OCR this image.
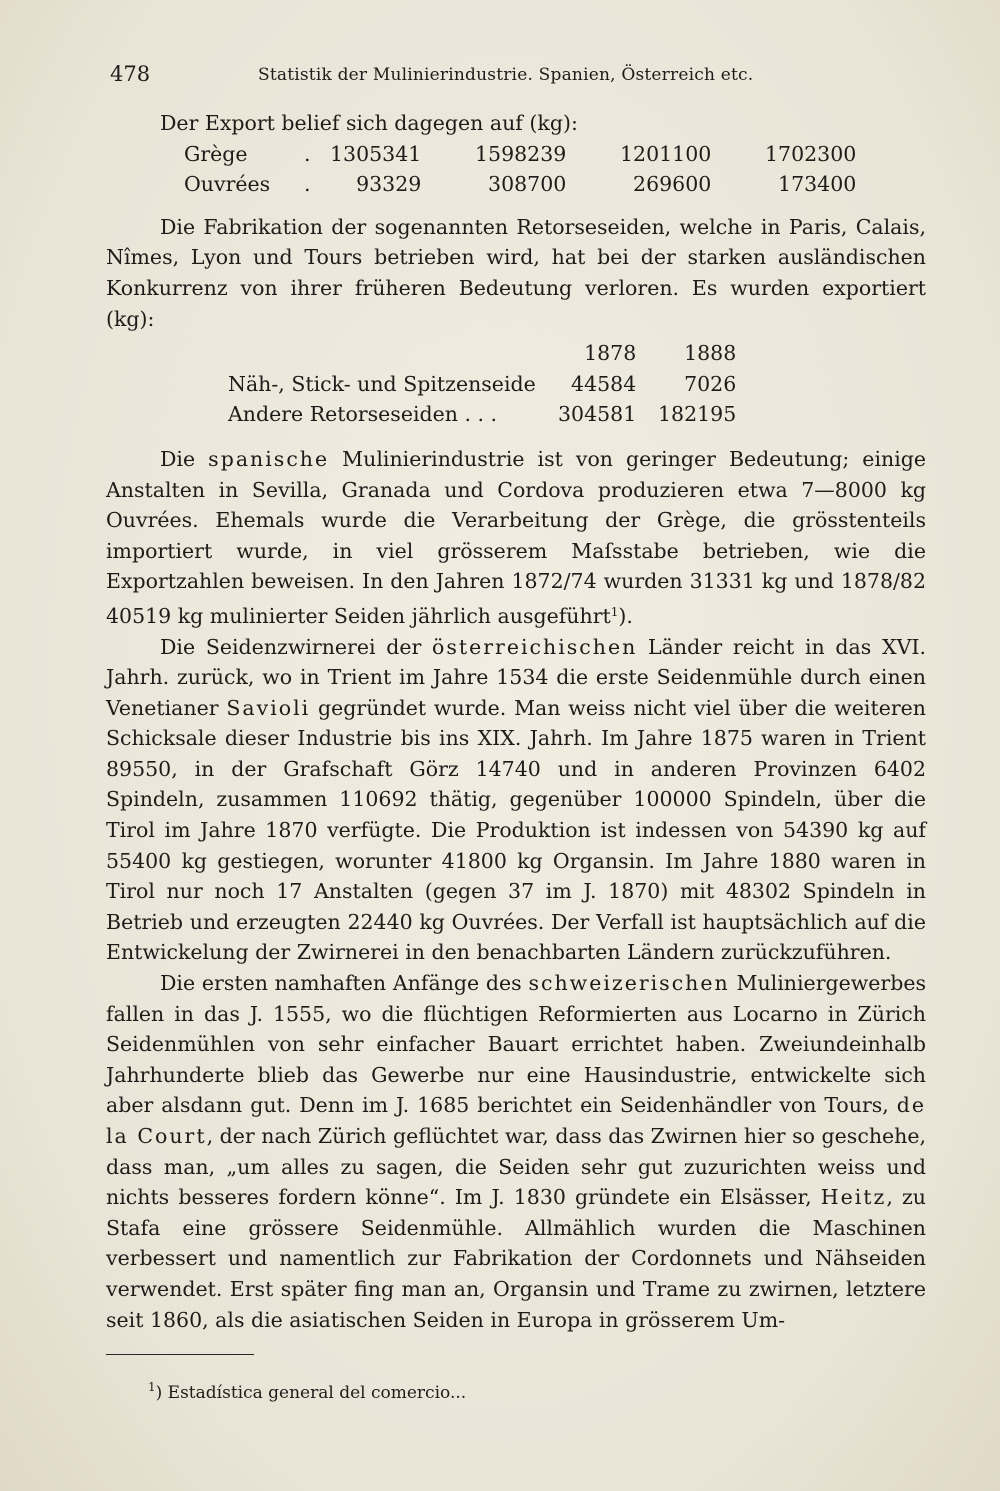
478	Statistik der Mulinierindustrie. Spanien, Österreich etc.

Der Export belief sich dagegen auf (kg):

Grège	.	1305341	1598239	1201100	1702300
Ouvrées	.	93329	308700	269600	173400

Die Fabrikation der sogenannten Retorseseiden, welche in Paris, Calais, Nîmes, Lyon und Tours betrieben wird, hat bei der starken ausländischen Konkurrenz von ihrer früheren Bedeutung verloren. Es wurden exportiert (kg):

	1878	1888
Näh-, Stick- und Spitzenseide	44584	7026
Andere Retorseseiden . . .	304581	182195

Die spanische Mulinierindustrie ist von geringer Bedeutung; einige Anstalten in Sevilla, Granada und Cordova produzieren etwa 7—8000 kg Ouvrées. Ehemals wurde die Verarbeitung der Grège, die grösstenteils importiert wurde, in viel grösserem Maſsstabe betrieben, wie die Exportzahlen beweisen. In den Jahren 1872/74 wurden 31331 kg und 1878/82 40519 kg mulinierter Seiden jährlich ausgeführt$^1$).

Die Seidenzwirnerei der österreichischen Länder reicht in das XVI. Jahrh. zurück, wo in Trient im Jahre 1534 die erste Seidenmühle durch einen Venetianer Savioli gegründet wurde. Man weiss nicht viel über die weiteren Schicksale dieser Industrie bis ins XIX. Jahrh. Im Jahre 1875 waren in Trient 89550, in der Grafschaft Görz 14740 und in anderen Provinzen 6402 Spindeln, zusammen 110692 thätig, gegenüber 100000 Spindeln, über die Tirol im Jahre 1870 verfügte. Die Produktion ist indessen von 54390 kg auf 55400 kg gestiegen, worunter 41800 kg Organsin. Im Jahre 1880 waren in Tirol nur noch 17 Anstalten (gegen 37 im J. 1870) mit 48302 Spindeln in Betrieb und erzeugten 22440 kg Ouvrées. Der Verfall ist hauptsächlich auf die Entwickelung der Zwirnerei in den benachbarten Ländern zurückzuführen.

Die ersten namhaften Anfänge des schweizerischen Muliniergewerbes fallen in das J. 1555, wo die flüchtigen Reformierten aus Locarno in Zürich Seidenmühlen von sehr einfacher Bauart errichtet haben. Zweiundeinhalb Jahrhunderte blieb das Gewerbe nur eine Hausindustrie, entwickelte sich aber alsdann gut. Denn im J. 1685 berichtet ein Seidenhändler von Tours, de la Court, der nach Zürich geflüchtet war, dass das Zwirnen hier so geschehe, dass man, „um alles zu sagen, die Seiden sehr gut zuzurichten weiss und nichts besseres fordern könne“. Im J. 1830 gründete ein Elsässer, Heitz, zu Stafa eine grössere Seidenmühle. Allmählich wurden die Maschinen verbessert und namentlich zur Fabrikation der Cordonnets und Nähseiden verwendet. Erst später fing man an, Organsin und Trame zu zwirnen, letztere seit 1860, als die asiatischen Seiden in Europa in grösserem Um-

$^1$) Estadística general del comercio...
